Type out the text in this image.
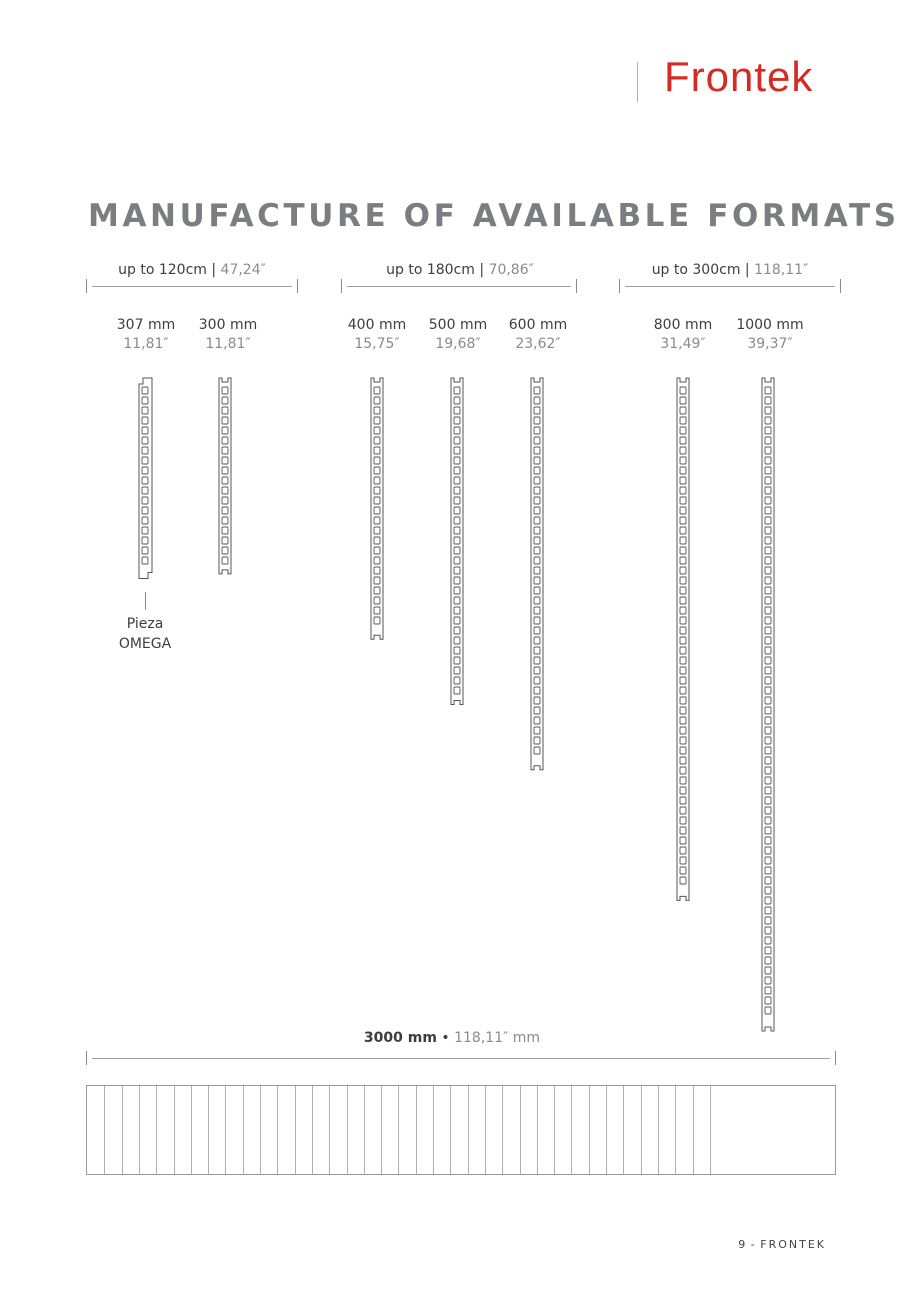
Frontek
MANUFACTURE OF AVAILABLE FORMATS
up to 120cm | 47,24″	up to 180cm | 70,86″	up to 300cm | 118,11″
307 mm
11,81″
300 mm
11,81″
400 mm
15,75″
500 mm
19,68″
600 mm
23,62″
800 mm
31,49″
1000 mm
39,37″
Pieza
OMEGA
3000 mm • 118,11″ mm
9 - FRONTEK
